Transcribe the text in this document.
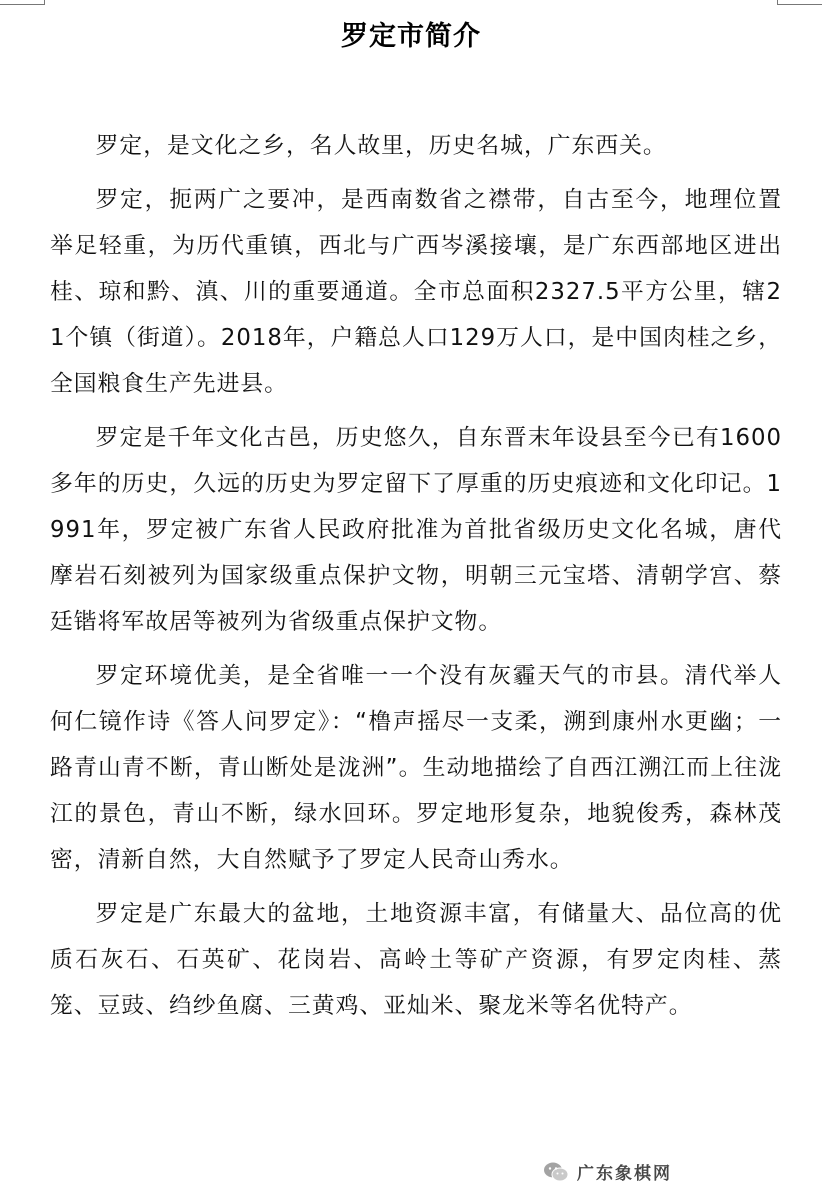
罗定市简介

罗定，是文化之乡，名人故里，历史名城，广东西关。

罗定，扼两广之要冲，是西南数省之襟带，自古至今，地理位置举足轻重，为历代重镇，西北与广西岑溪接壤，是广东西部地区进出桂、琼和黔、滇、川的重要通道。全市总面积2327.5平方公里，辖21个镇（街道）。2018年，户籍总人口129万人口，是中国肉桂之乡，全国粮食生产先进县。

罗定是千年文化古邑，历史悠久，自东晋末年设县至今已有1600多年的历史，久远的历史为罗定留下了厚重的历史痕迹和文化印记。1991年，罗定被广东省人民政府批准为首批省级历史文化名城，唐代摩岩石刻被列为国家级重点保护文物，明朝三元宝塔、清朝学宫、蔡廷锴将军故居等被列为省级重点保护文物。

罗定环境优美，是全省唯一一个没有灰霾天气的市县。清代举人何仁镜作诗《答人问罗定》：“橹声摇尽一支柔，溯到康州水更幽；一路青山青不断，青山断处是泷洲”。生动地描绘了自西江溯江而上往泷江的景色，青山不断，绿水回环。罗定地形复杂，地貌俊秀，森林茂密，清新自然，大自然赋予了罗定人民奇山秀水。

罗定是广东最大的盆地，土地资源丰富，有储量大、品位高的优质石灰石、石英矿、花岗岩、高岭土等矿产资源，有罗定肉桂、蒸笼、豆豉、绉纱鱼腐、三黄鸡、亚灿米、聚龙米等名优特产。

广东象棋网
